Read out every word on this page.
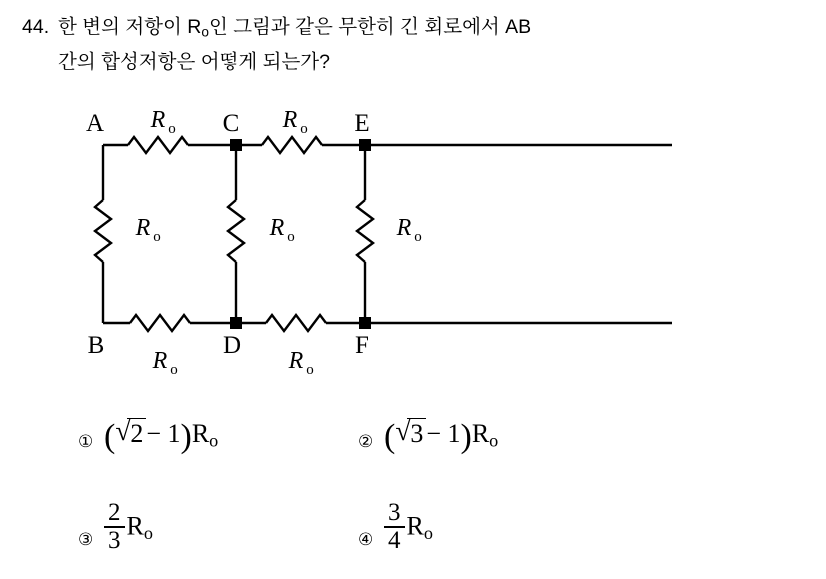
44. 한 변의 저항이 $R_o$인 그림과 같은 무한히 긴 회로에서 AB
간의 합성저항은 어떻게 되는가?
A	C	E
B	D	F
R o	R o
R o	R o	R o
R o	R o
① ( √ $2 - 1)R_o$	② ( √ $3 - 1)R_o$
③ $\frac{2}{3} R_o$	④ $\frac{3}{4} R_o$
